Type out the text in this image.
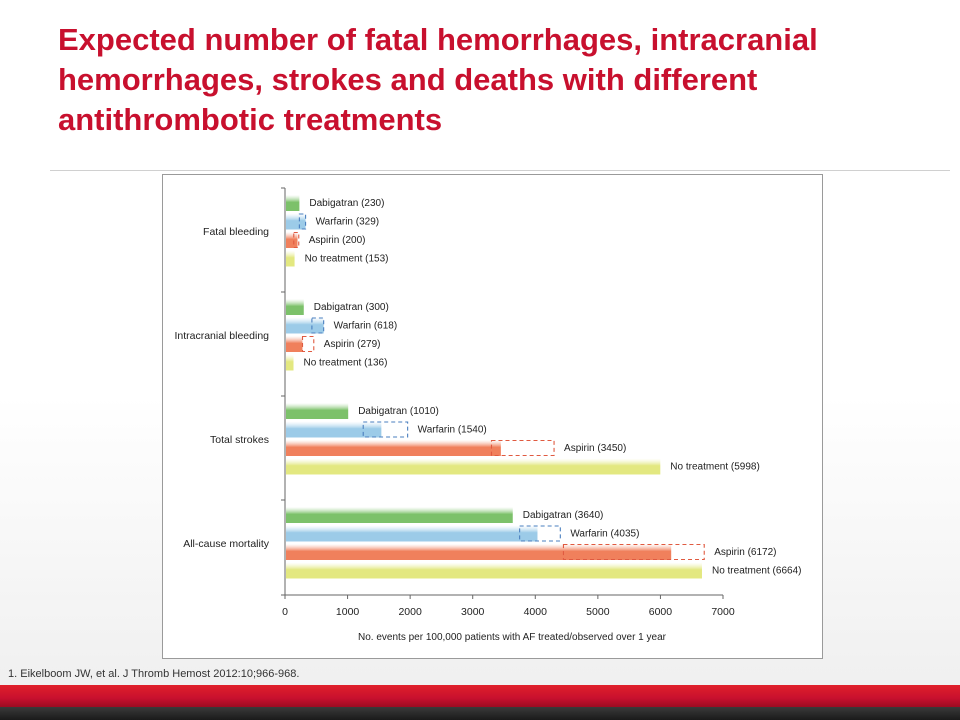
Expected number of fatal hemorrhages, intracranial hemorrhages, strokes and deaths with different antithrombotic treatments
0	1000	2000	3000	4000	5000	6000	7000
No. events per 100,000 patients with AF treated/observed over 1 year
Fatal bleeding
Dabigatran (230)
Warfarin (329)
Aspirin (200)
No treatment (153)
Intracranial bleeding
Dabigatran (300)
Warfarin (618)
Aspirin (279)
No treatment (136)
Total strokes
Dabigatran (1010)
Warfarin (1540)
Aspirin (3450)
No treatment (5998)
All-cause mortality
Dabigatran (3640)
Warfarin (4035)
Aspirin (6172)
No treatment (6664)

1. Eikelboom JW, et al. J Thromb Hemost 2012:10;966-968.
